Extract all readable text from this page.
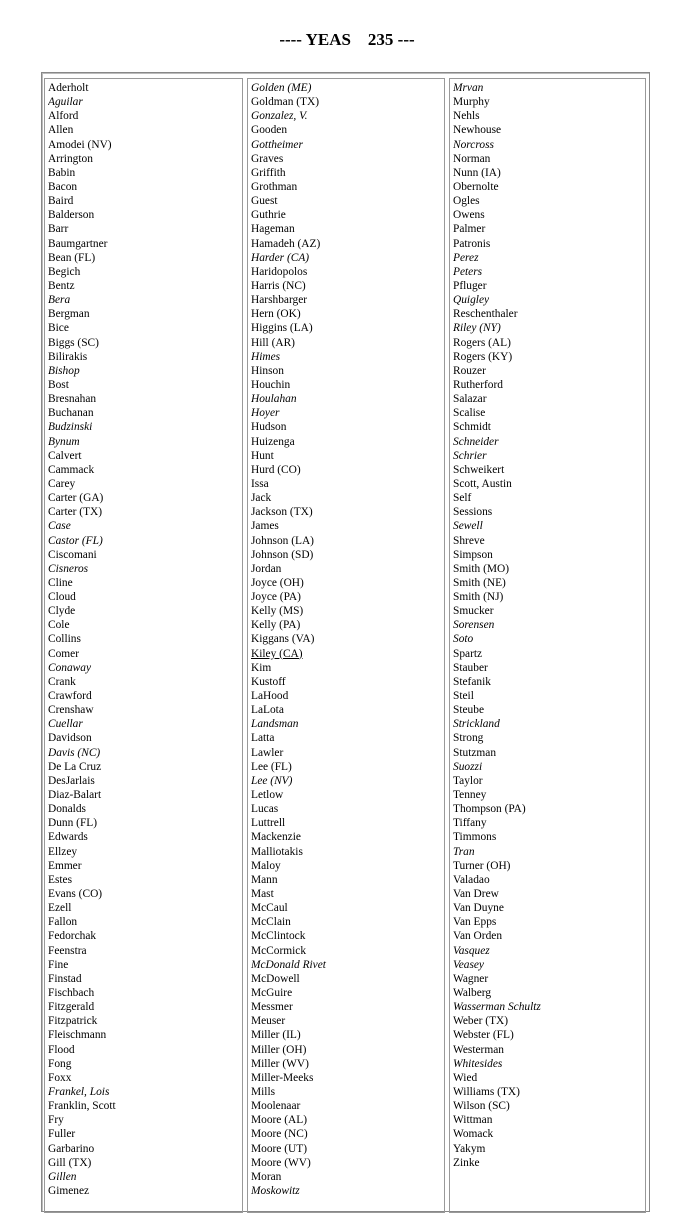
---- YEAS    235 ---
Aderholt
Aguilar
Alford
Allen
Amodei (NV)
Arrington
Babin
Bacon
Baird
Balderson
Barr
Baumgartner
Bean (FL)
Begich
Bentz
Bera
Bergman
Bice
Biggs (SC)
Bilirakis
Bishop
Bost
Bresnahan
Buchanan
Budzinski
Bynum
Calvert
Cammack
Carey
Carter (GA)
Carter (TX)
Case
Castor (FL)
Ciscomani
Cisneros
Cline
Cloud
Clyde
Cole
Collins
Comer
Conaway
Crank
Crawford
Crenshaw
Cuellar
Davidson
Davis (NC)
De La Cruz
DesJarlais
Diaz-Balart
Donalds
Dunn (FL)
Edwards
Ellzey
Emmer
Estes
Evans (CO)
Ezell
Fallon
Fedorchak
Feenstra
Fine
Finstad
Fischbach
Fitzgerald
Fitzpatrick
Fleischmann
Flood
Fong
Foxx
Frankel, Lois
Franklin, Scott
Fry
Fuller
Garbarino
Gill (TX)
Gillen
Gimenez
Golden (ME)
Goldman (TX)
Gonzalez, V.
Gooden
Gottheimer
Graves
Griffith
Grothman
Guest
Guthrie
Hageman
Hamadeh (AZ)
Harder (CA)
Haridopolos
Harris (NC)
Harshbarger
Hern (OK)
Higgins (LA)
Hill (AR)
Himes
Hinson
Houchin
Houlahan
Hoyer
Hudson
Huizenga
Hunt
Hurd (CO)
Issa
Jack
Jackson (TX)
James
Johnson (LA)
Johnson (SD)
Jordan
Joyce (OH)
Joyce (PA)
Kelly (MS)
Kelly (PA)
Kiggans (VA)
Kiley (CA)
Kim
Kustoff
LaHood
LaLota
Landsman
Latta
Lawler
Lee (FL)
Lee (NV)
Letlow
Lucas
Luttrell
Mackenzie
Malliotakis
Maloy
Mann
Mast
McCaul
McClain
McClintock
McCormick
McDonald Rivet
McDowell
McGuire
Messmer
Meuser
Miller (IL)
Miller (OH)
Miller (WV)
Miller-Meeks
Mills
Moolenaar
Moore (AL)
Moore (NC)
Moore (UT)
Moore (WV)
Moran
Moskowitz
Mrvan
Murphy
Nehls
Newhouse
Norcross
Norman
Nunn (IA)
Obernolte
Ogles
Owens
Palmer
Patronis
Perez
Peters
Pfluger
Quigley
Reschenthaler
Riley (NY)
Rogers (AL)
Rogers (KY)
Rouzer
Rutherford
Salazar
Scalise
Schmidt
Schneider
Schrier
Schweikert
Scott, Austin
Self
Sessions
Sewell
Shreve
Simpson
Smith (MO)
Smith (NE)
Smith (NJ)
Smucker
Sorensen
Soto
Spartz
Stauber
Stefanik
Steil
Steube
Strickland
Strong
Stutzman
Suozzi
Taylor
Tenney
Thompson (PA)
Tiffany
Timmons
Tran
Turner (OH)
Valadao
Van Drew
Van Duyne
Van Epps
Van Orden
Vasquez
Veasey
Wagner
Walberg
Wasserman Schultz
Weber (TX)
Webster (FL)
Westerman
Whitesides
Wied
Williams (TX)
Wilson (SC)
Wittman
Womack
Yakym
Zinke
